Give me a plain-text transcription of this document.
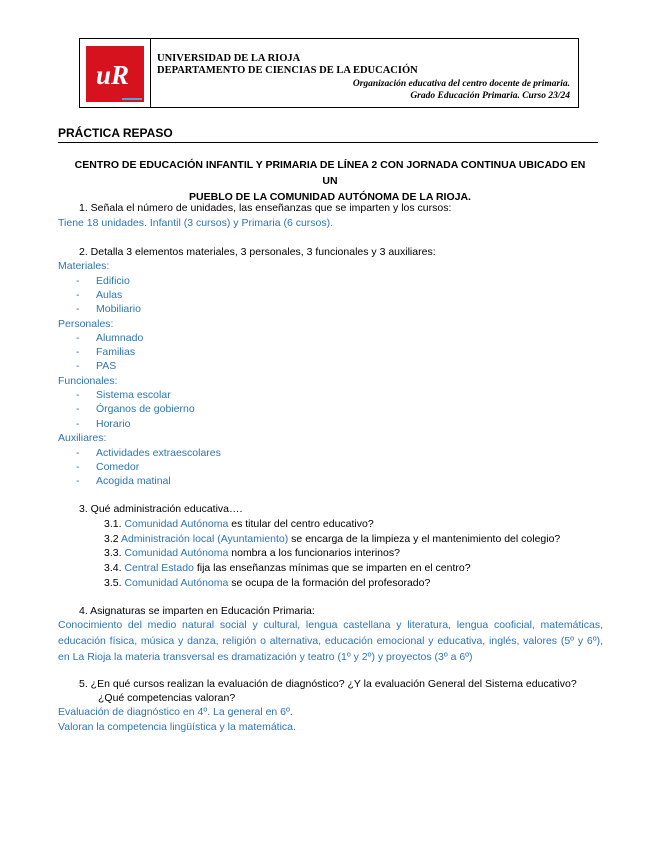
uR
UNIVERSIDAD DE LA RIOJA
DEPARTAMENTO DE CIENCIAS DE LA EDUCACIÓN
Organización educativa del centro docente de primaria.
Grado Educación Primaria. Curso 23/24
PRÁCTICA REPASO
CENTRO DE EDUCACIÓN INFANTIL Y PRIMARIA DE LÍNEA 2 CON JORNADA CONTINUA UBICADO EN UN
PUEBLO DE LA COMUNIDAD AUTÓNOMA DE LA RIOJA.
1. Señala el número de unidades, las enseñanzas que se imparten y los cursos:
Tiene 18 unidades. Infantil (3 cursos) y Primaria (6 cursos).
2. Detalla 3 elementos materiales, 3 personales, 3 funcionales y 3 auxiliares:
Materiales:
- Edificio
- Aulas
- Mobiliario
Personales:
- Alumnado
- Familias
- PAS
Funcionales:
- Sistema escolar
- Órganos de gobierno
- Horario
Auxiliares:
- Actividades extraescolares
- Comedor
- Acogida matinal
3. Qué administración educativa….
3.1. Comunidad Autónoma es titular del centro educativo?
3.2 Administración local (Ayuntamiento) se encarga de la limpieza y el mantenimiento del colegio?
3.3. Comunidad Autónoma nombra a los funcionarios interinos?
3.4. Central Estado fija las enseñanzas mínimas que se imparten en el centro?
3.5. Comunidad Autónoma se ocupa de la formación del profesorado?
4. Asignaturas se imparten en Educación Primaria:
Conocimiento del medio natural social y cultural, lengua castellana y literatura, lengua cooficial, matemáticas, educación física, música y danza, religión o alternativa, educación emocional y educativa, inglés, valores (5º y 6º), en La Rioja la materia transversal es dramatización y teatro (1º y 2º) y proyectos (3º a 6º)
5. ¿En qué cursos realizan la evaluación de diagnóstico? ¿Y la evaluación General del Sistema educativo?
¿Qué competencias valoran?
Evaluación de diagnóstico en 4º. La general en 6º.
Valoran la competencia lingüística y la matemática.
